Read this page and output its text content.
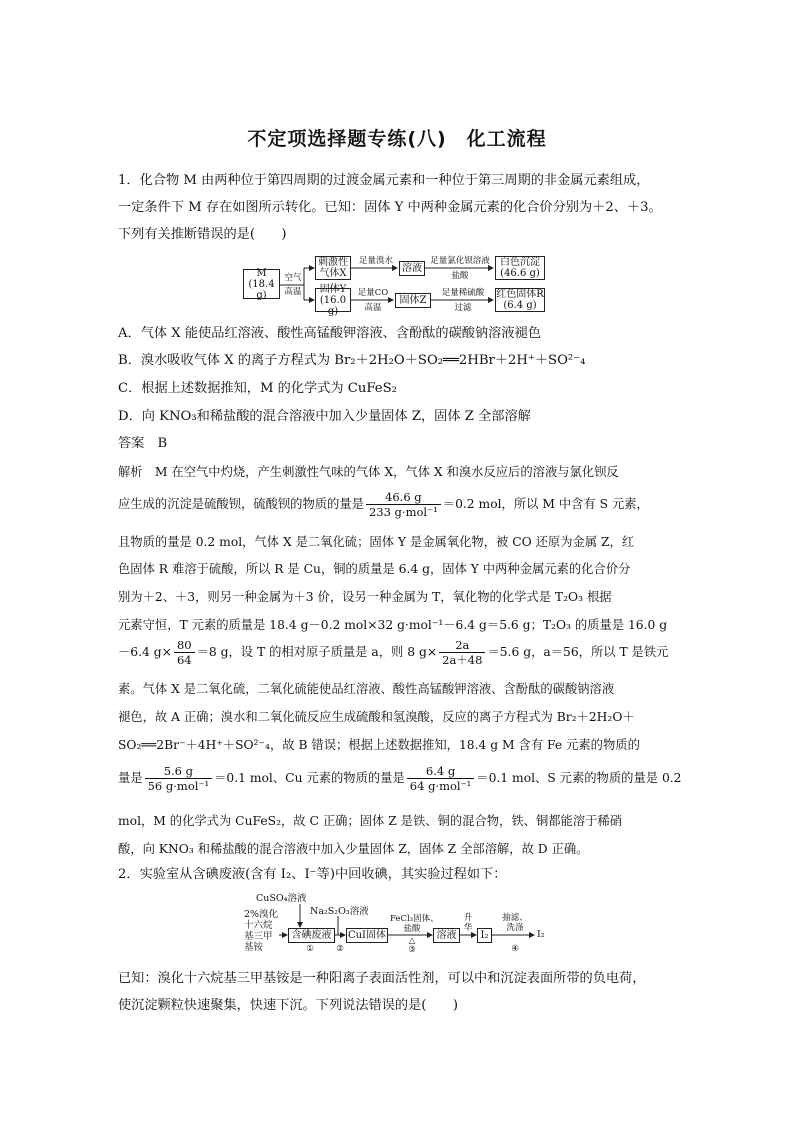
不定项选择题专练(八)　化工流程
1．化合物 M 由两种位于第四周期的过渡金属元素和一种位于第三周期的非金属元素组成，
一定条件下 M 存在如图所示转化。已知：固体 Y 中两种金属元素的化合价分别为＋2、＋3。
下列有关推断错误的是(　　)
M
(18.4 g)
空气
高温
刺激性
气体X
足量溴水
溶液
足量氯化钡溶液
盐酸
白色沉淀
(46.6 g)
固体Y
(16.0 g)
足量CO
高温
固体Z
足量稀硫酸
过滤
红色固体R
(6.4 g)
A．气体 X 能使品红溶液、酸性高锰酸钾溶液、含酚酞的碳酸钠溶液褪色
B．溴水吸收气体 X 的离子方程式为 Br₂＋2H₂O＋SO₂══2HBr＋2H⁺＋SO²⁻₄
C．根据上述数据推知，M 的化学式为 CuFeS₂
D．向 KNO₃和稀盐酸的混合溶液中加入少量固体 Z，固体 Z 全部溶解
答案　B
解析　M 在空气中灼烧，产生刺激性气味的气体 X，气体 X 和溴水反应后的溶液与氯化钡反
应生成的沉淀是硫酸钡，硫酸钡的物质的量是 $\frac{46.6 g}{\text{233 g·mol⁻¹}} =0.2$ mol，所以 M 中含有 S 元素，
且物质的量是 0.2 mol，气体 X 是二氧化硫；固体 Y 是金属氧化物，被 CO 还原为金属 Z，红
色固体 R 难溶于硫酸，所以 R 是 Cu，铜的质量是 6.4 g，固体 Y 中两种金属元素的化合价分
别为＋2、＋3，则另一种金属为＋3 价，设另一种金属为 T，氧化物的化学式是 T₂O₃ 根据
元素守恒，T 元素的质量是 18.4 g－0.2 mol×32 g·mol⁻¹－6.4 g＝5.6 g；T₂O₃ 的质量是 16.0 g
－6.4 $g\times \frac{80}{64} =8$ g，设 T 的相对原子质量是 a，则 8 $g\times \frac{2a}{2a+48} =5.6$ g，a＝56，所以 T 是铁元
素。气体 X 是二氧化硫，二氧化硫能使品红溶液、酸性高锰酸钾溶液、含酚酞的碳酸钠溶液
褪色，故 A 正确；溴水和二氧化硫反应生成硫酸和氢溴酸，反应的离子方程式为 Br₂＋2H₂O＋
SO₂══2Br⁻＋4H⁺＋SO²⁻₄，故 B 错误；根据上述数据推知，18.4 g M 含有 Fe 元素的物质的
量是 $\frac{5.6 g}{\text{56 g·mol⁻¹}} =0.1$ mol、Cu 元素的物质的量是 $\frac{6.4 g}{\text{64 g·mol⁻¹}} =0.1$ mol、S 元素的物质的量是 0.2
mol，M 的化学式为 CuFeS₂，故 C 正确；固体 Z 是铁、铜的混合物，铁、铜都能溶于稀硝
酸，向 KNO₃ 和稀盐酸的混合溶液中加入少量固体 Z，固体 Z 全部溶解，故 D 正确。
2．实验室从含碘废液(含有 I₂、I⁻等)中回收碘，其实验过程如下：
2%溴化
十六烷
基三甲
基铵
CuSO₄溶液
Na₂S₂O₃溶液
含碘废液
①	②
CuI固体
FeCl₃固体、
盐酸
△
③
溶液
升
华
I₂
抽滤、
洗涤
④
I₂
已知：溴化十六烷基三甲基铵是一种阳离子表面活性剂，可以中和沉淀表面所带的负电荷，
使沉淀颗粒快速聚集，快速下沉。下列说法错误的是(　　)
